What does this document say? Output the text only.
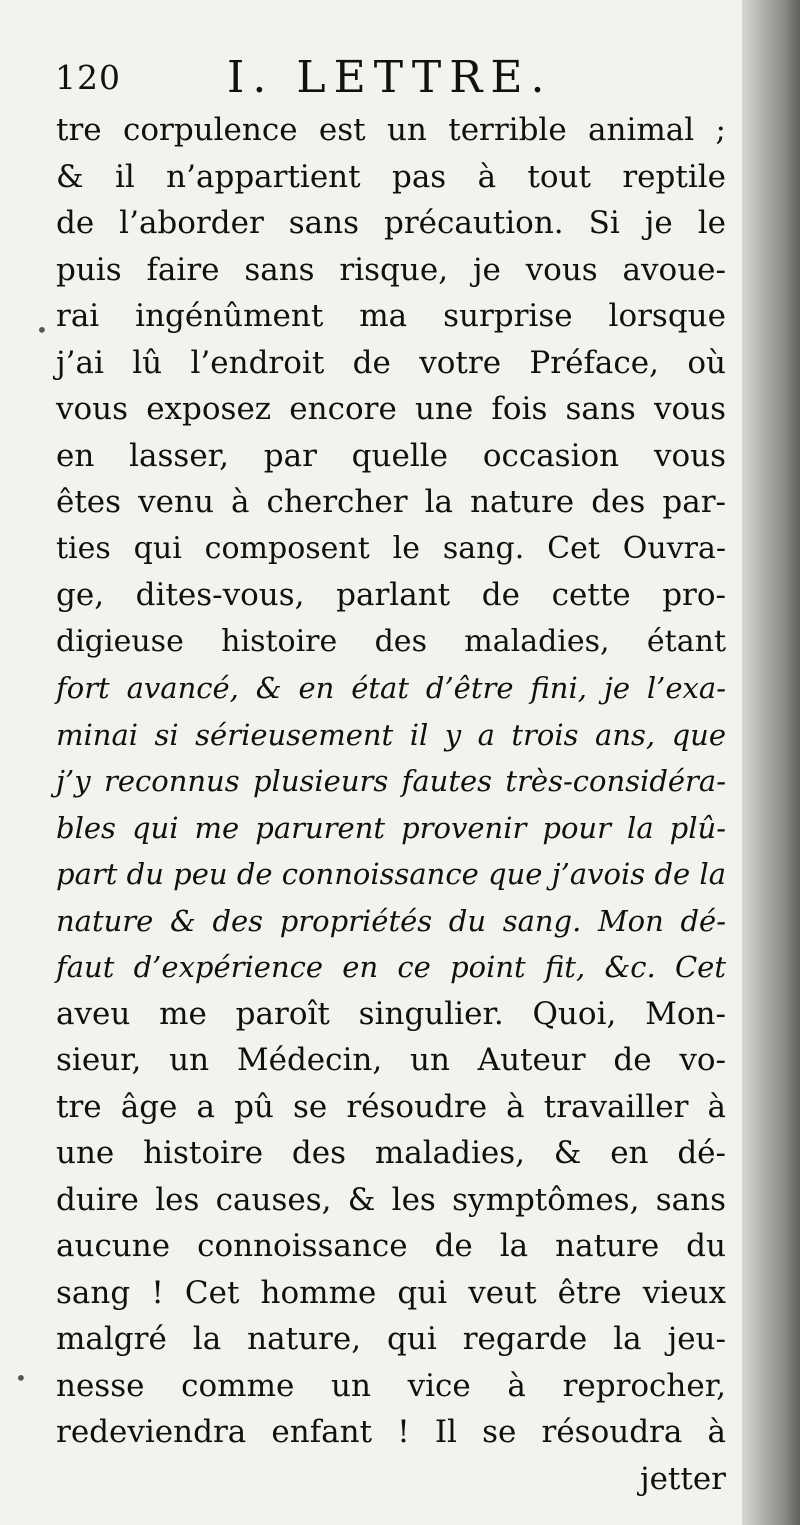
120 I. LETTRE.
tre corpulence est un terrible animal ;
& il n’appartient pas à tout reptile
de l’aborder sans précaution. Si je le
puis faire sans risque, je vous avoue-
rai ingénûment ma surprise lorsque
j’ai lû l’endroit de votre Préface, où
vous exposez encore une fois sans vous
en lasser, par quelle occasion vous
êtes venu à chercher la nature des par-
ties qui composent le sang. Cet Ouvra-
ge, dites-vous, parlant de cette pro-
digieuse histoire des maladies, étant
fort avancé, & en état d’être fini, je l’exa-
minai si sérieusement il y a trois ans, que
j’y reconnus plusieurs fautes très-considéra-
bles qui me parurent provenir pour la plû-
part du peu de connoissance que j’avois de la
nature & des propriétés du sang. Mon dé-
faut d’expérience en ce point fit, &c. Cet
aveu me paroît singulier. Quoi, Mon-
sieur, un Médecin, un Auteur de vo-
tre âge a pû se résoudre à travailler à
une histoire des maladies, & en dé-
duire les causes, & les symptômes, sans
aucune connoissance de la nature du
sang ! Cet homme qui veut être vieux
malgré la nature, qui regarde la jeu-
nesse comme un vice à reprocher,
redeviendra enfant ! Il se résoudra à
jetter
•
•
